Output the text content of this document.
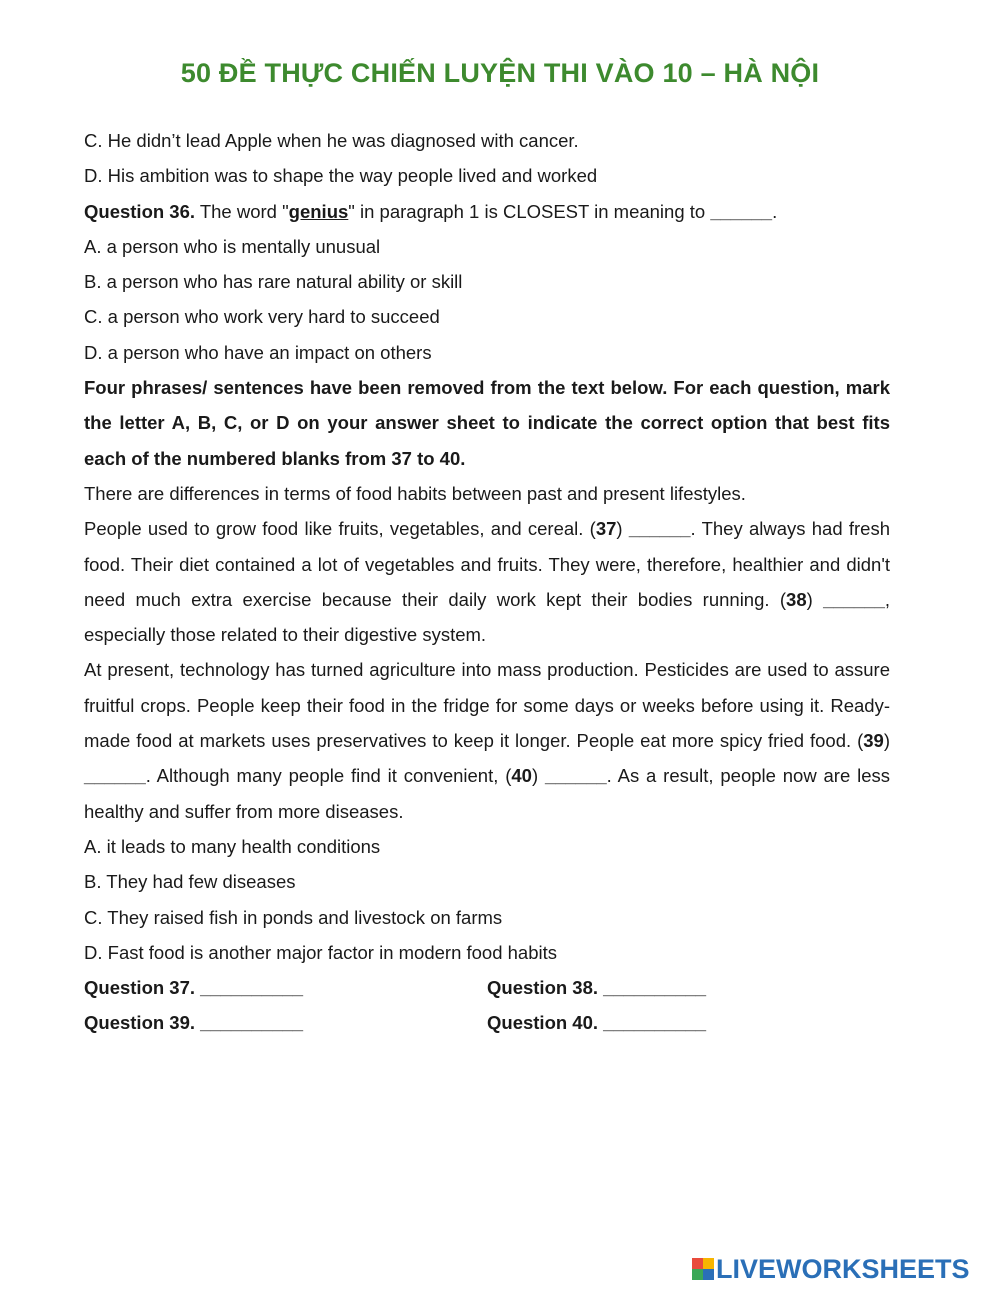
50 ĐỀ THỰC CHIẾN LUYỆN THI VÀO 10 – HÀ NỘI

C. He didn’t lead Apple when he was diagnosed with cancer.

D. His ambition was to shape the way people lived and worked

Question 36. The word "genius" in paragraph 1 is CLOSEST in meaning to ______.

A. a person who is mentally unusual

B. a person who has rare natural ability or skill

C. a person who work very hard to succeed

D. a person who have an impact on others

Four phrases/ sentences have been removed from the text below. For each question, mark the letter A, B, C, or D on your answer sheet to indicate the correct option that best fits each of the numbered blanks from 37 to 40.

There are differences in terms of food habits between past and present lifestyles.

People used to grow food like fruits, vegetables, and cereal. (37) ______. They always had fresh food. Their diet contained a lot of vegetables and fruits. They were, therefore, healthier and didn't need much extra exercise because their daily work kept their bodies running. (38) ______, especially those related to their digestive system.

At present, technology has turned agriculture into mass production. Pesticides are used to assure fruitful crops. People keep their food in the fridge for some days or weeks before using it. Ready-made food at markets uses preservatives to keep it longer. People eat more spicy fried food. (39) ______. Although many people find it convenient, (40) ______. As a result, people now are less healthy and suffer from more diseases.

A. it leads to many health conditions

B. They had few diseases

C. They raised fish in ponds and livestock on farms

D. Fast food is another major factor in modern food habits

Question 37. __________	Question 38. __________
Question 39. __________	Question 40. __________
LIVEWORKSHEETS
